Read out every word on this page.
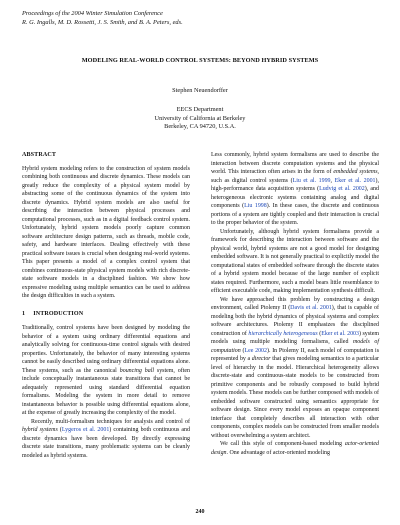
Proceedings of the 2004 Winter Simulation Conference
R. G. Ingalls, M. D. Rossetti, J. S. Smith, and B. A. Peters, eds.
MODELING REAL-WORLD CONTROL SYSTEMS: BEYOND HYBRID SYSTEMS
Stephen Neuendorffer
EECS Department
University of California at Berkeley
Berkeley, CA 94720, U.S.A.
ABSTRACT

Hybrid system modeling refers to the construction of system models combining both continuous and discrete dynamics. These models can greatly reduce the complexity of a physical system model by abstracting some of the continuous dynamics of the system into discrete dynamics. Hybrid system models are also useful for describing the interaction between physical processes and computational processes, such as in a digital feedback control system. Unfortunately, hybrid system models poorly capture common software architecture design patterns, such as threads, mobile code, safety, and hardware interfaces. Dealing effectively with these practical software issues is crucial when designing real-world systems. This paper presents a model of a complex control system that combines continuous-state physical system models with rich discrete-state software models in a disciplined fashion. We show how expressive modeling using multiple semantics can be used to address the design difficulties in such a system.

1     INTRODUCTION

Traditionally, control systems have been designed by modeling the behavior of a system using ordinary differential equations and analytically solving for continuous-time control signals with desired properties. Unfortunately, the behavior of many interesting systems cannot be easily described using ordinary differential equations alone. These systems, such as the canonical bouncing ball system, often include conceptually instantaneous state transitions that cannot be adequately represented using standard differential equation formalisms. Modeling the system in more detail to remove instantaneous behavior is possible using differential equations alone, at the expense of greatly increasing the complexity of the model.

Recently, multi-formalism techniques for analysis and control of hybrid systems (Lygeros et al. 2001) containing both continuous and discrete dynamics have been developed. By directly expressing discrete state transitions, many problematic systems can be cleanly modeled as hybrid systems.

Less commonly, hybrid system formalisms are used to describe the interaction between discrete computation systems and the physical world. This interaction often arises in the form of embedded systems, such as digital control systems (Liu et al. 1999, Eker et al. 2001), high-performance data acquisition systems (Ludvig et al. 2002), and heterogeneous electronic systems containing analog and digital components (Liu 1998). In these cases, the discrete and continuous portions of a system are tightly coupled and their interaction is crucial to the proper behavior of the system.

Unfortunately, although hybrid system formalisms provide a framework for describing the interaction between software and the physical world, hybrid systems are not a good model for designing embedded software. It is not generally practical to explicitly model the computational states of embedded software through the discrete states of a hybrid system model because of the large number of explicit states required. Furthermore, such a model bears little resemblance to efficient executable code, making implementation synthesis difficult.

We have approached this problem by constructing a design environment, called Ptolemy II (Davis et al. 2001), that is capable of modeling both the hybrid dynamics of physical systems and complex software architectures. Ptolemy II emphasizes the disciplined construction of hierarchically heterogeneous (Eker et al. 2003) system models using multiple modeling formalisms, called models of computation (Lee 2002). In Ptolemy II, each model of computation is represented by a director that gives modeling semantics to a particular level of hierarchy in the model. Hierarchical heterogeneity allows discrete-state and continuous-state models to be constructed from primitive components and be robustly composed to build hybrid system models. These models can be further composed with models of embedded software constructed using semantics appropriate for software design. Since every model exposes an opaque component interface that completely describes all interaction with other components, complex models can be constructed from smaller models without overwhelming a system architect.

We call this style of component-based modeling actor-oriented design. One advantage of actor-oriented modeling

240
